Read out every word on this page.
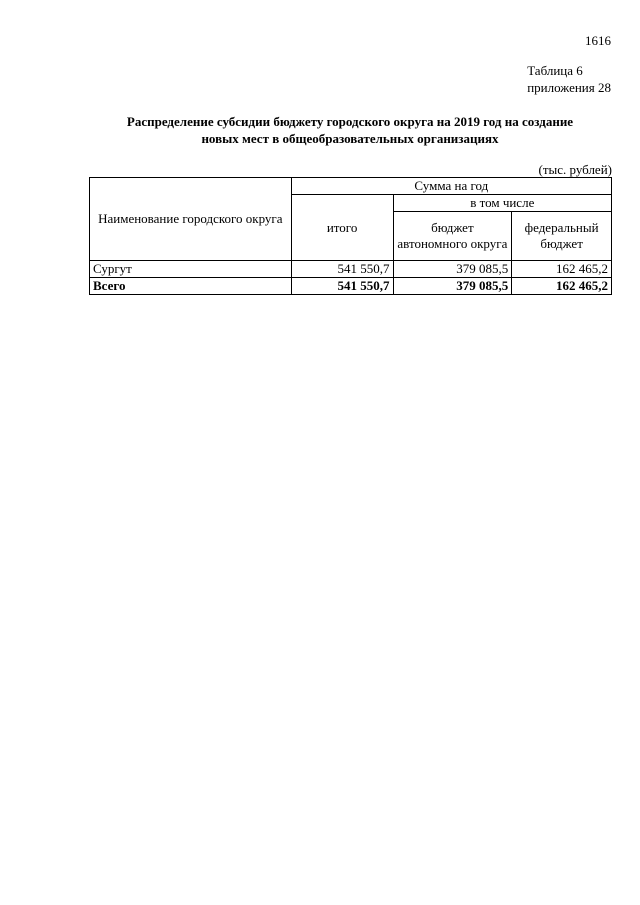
1616
Таблица 6
приложения 28
Распределение субсидии бюджету городского округа на 2019 год на создание
новых мест в общеобразовательных организациях
(тыс. рублей)
Наименование городского округа	Сумма на год		
	итого	в том числе	
		бюджет автономного округа	федеральный бюджет
Сургут	541 550,7	379 085,5	162 465,2
Всего	541 550,7	379 085,5	162 465,2
